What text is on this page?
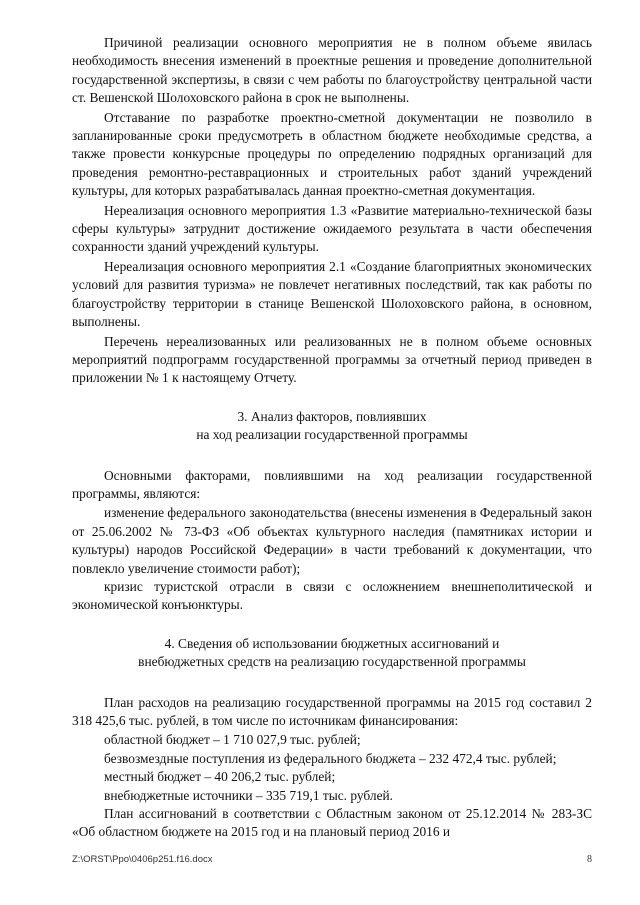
Причиной реализации основного мероприятия не в полном объеме явилась необходимость внесения изменений в проектные решения и проведение дополнительной государственной экспертизы, в связи с чем работы по благоустройству центральной части ст. Вешенской Шолоховского района в срок не выполнены.

Отставание по разработке проектно-сметной документации не позволило в запланированные сроки предусмотреть в областном бюджете необходимые средства, а также провести конкурсные процедуры по определению подрядных организаций для проведения ремонтно-реставрационных и строительных работ зданий учреждений культуры, для которых разрабатывалась данная проектно-сметная документация.

Нереализация основного мероприятия 1.3 «Развитие материально-технической базы сферы культуры» затруднит достижение ожидаемого результата в части обеспечения сохранности зданий учреждений культуры.

Нереализация основного мероприятия 2.1 «Создание благоприятных экономических условий для развития туризма» не повлечет негативных последствий, так как работы по благоустройству территории в станице Вешенской Шолоховского района, в основном, выполнены.

Перечень нереализованных или реализованных не в полном объеме основных мероприятий подпрограмм государственной программы за отчетный период приведен в приложении № 1 к настоящему Отчету.

3. Анализ факторов, повлиявших

на ход реализации государственной программы

Основными факторами, повлиявшими на ход реализации государственной программы, являются:

изменение федерального законодательства (внесены изменения в Федеральный закон от 25.06.2002 № 73-ФЗ «Об объектах культурного наследия (памятниках истории и культуры) народов Российской Федерации» в части требований к документации, что повлекло увеличение стоимости работ);

кризис туристской отрасли в связи с осложнением внешнеполитической и экономической конъюнктуры.

4. Сведения об использовании бюджетных ассигнований и

внебюджетных средств на реализацию государственной программы

План расходов на реализацию государственной программы на 2015 год составил 2 318 425,6 тыс. рублей, в том числе по источникам финансирования:

областной бюджет – 1 710 027,9 тыс. рублей;

безвозмездные поступления из федерального бюджета – 232 472,4 тыс. рублей;

местный бюджет – 40 206,2 тыс. рублей;

внебюджетные источники – 335 719,1 тыс. рублей.

План ассигнований в соответствии с Областным законом от 25.12.2014 № 283-ЗС «Об областном бюджете на 2015 год и на плановый период 2016 и

Z:\ORST\Ppo\0406p251.f16.docx	8
